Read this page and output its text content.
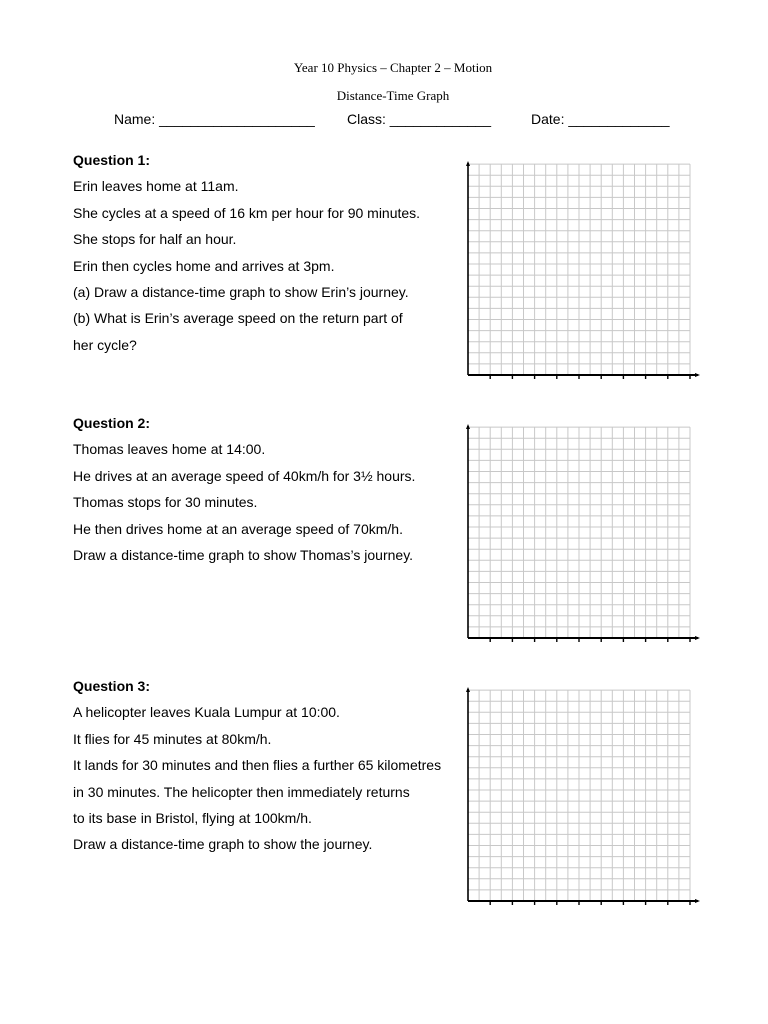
Year 10 Physics – Chapter 2 – Motion
Distance-Time Graph
Name: ____________________ Class: _____________	Date: _____________

Question 1:

Erin leaves home at 11am.

She cycles at a speed of 16 km per hour for 90 minutes.

She stops for half an hour.

Erin then cycles home and arrives at 3pm.

(a) Draw a distance-time graph to show Erin’s journey.

(b) What is Erin’s average speed on the return part of

her cycle?

Question 2:

Thomas leaves home at 14:00.

He drives at an average speed of 40km/h for 3½ hours.

Thomas stops for 30 minutes.

He then drives home at an average speed of 70km/h.

Draw a distance-time graph to show Thomas’s journey.

Question 3:

A helicopter leaves Kuala Lumpur at 10:00.

It flies for 45 minutes at 80km/h.

It lands for 30 minutes and then flies a further 65 kilometres

in 30 minutes. The helicopter then immediately returns

to its base in Bristol, flying at 100km/h.

Draw a distance-time graph to show the journey.
